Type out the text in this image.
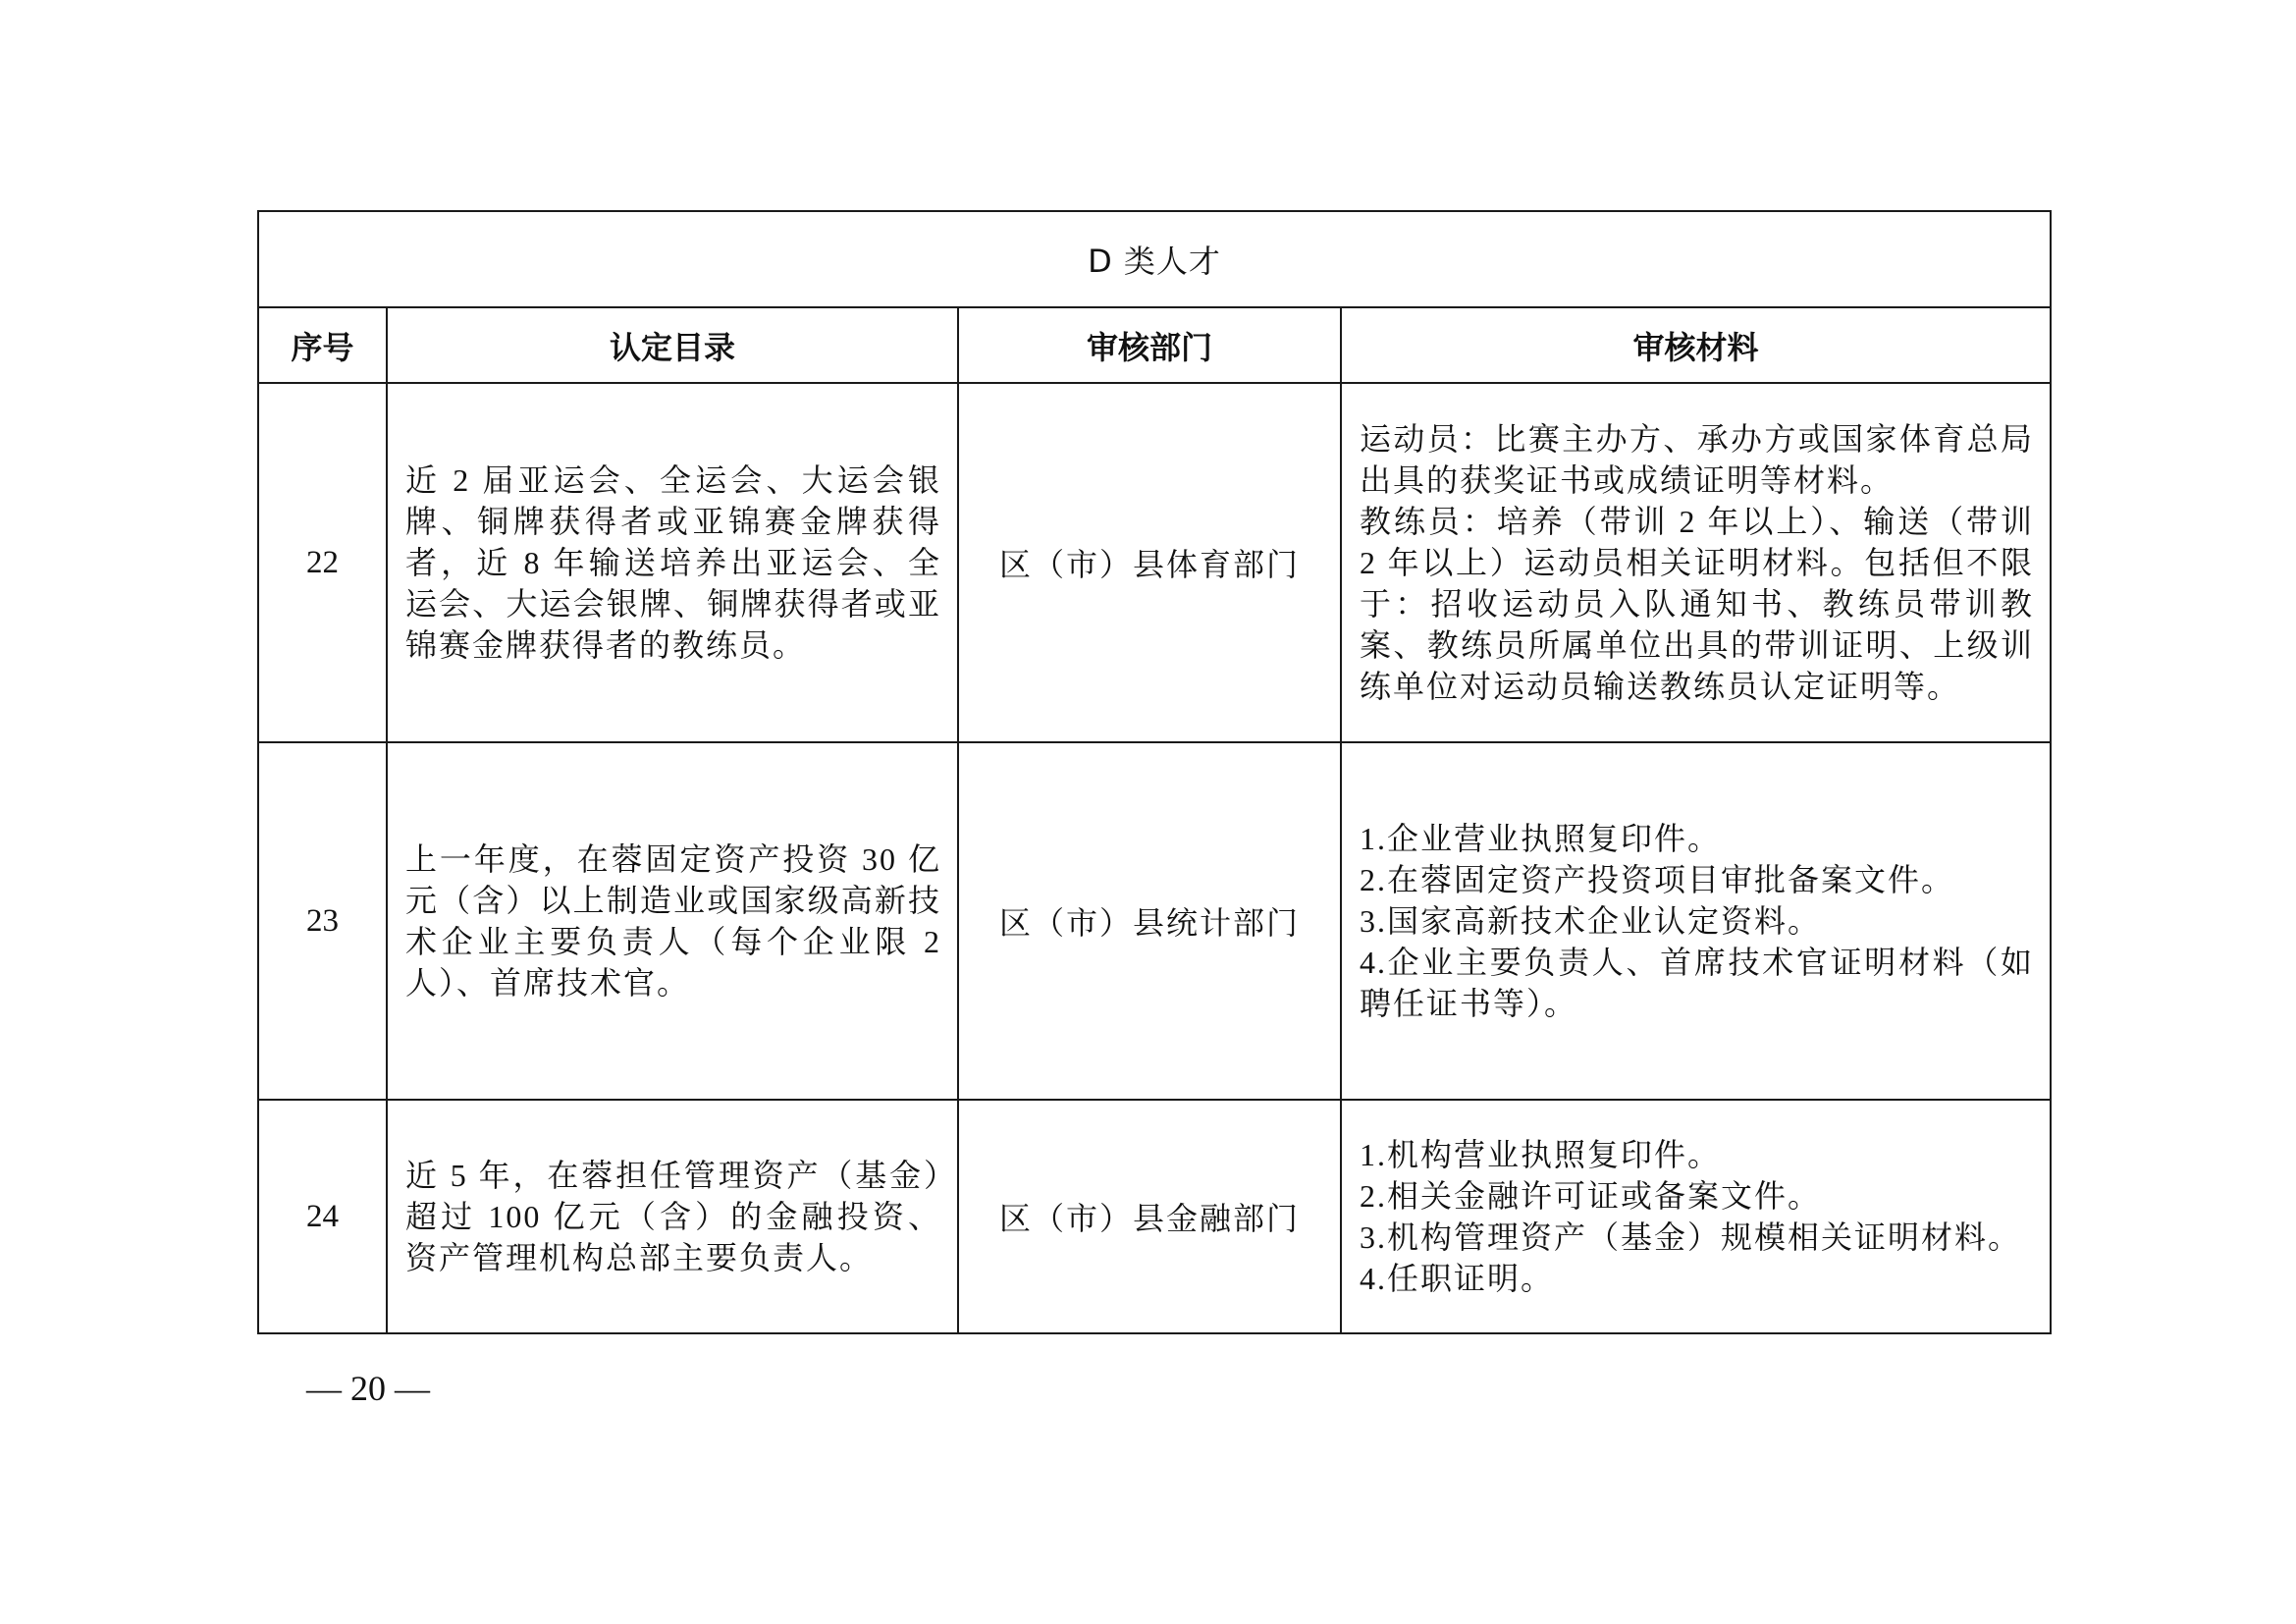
D 类人才			
序号	认定目录	审核部门	审核材料
22	近 2 届亚运会、全运会、大运会银牌、铜牌获得者或亚锦赛金牌获得者，近 8 年输送培养出亚运会、全运会、大运会银牌、铜牌获得者或亚锦赛金牌获得者的教练员。	区（市）县体育部门	运动员：比赛主办方、承办方或国家体育总局出具的获奖证书或成绩证明等材料。
教练员：培养（带训 2 年以上）、输送（带训 2 年以上）运动员相关证明材料。包括但不限于：招收运动员入队通知书、教练员带训教案、教练员所属单位出具的带训证明、上级训练单位对运动员输送教练员认定证明等。

23	上一年度，在蓉固定资产投资 30 亿元（含）以上制造业或国家级高新技术企业主要负责人（每个企业限 2 人）、首席技术官。	区（市）县统计部门	1.企业营业执照复印件。
2.在蓉固定资产投资项目审批备案文件。
3.国家高新技术企业认定资料。
4.企业主要负责人、首席技术官证明材料（如聘任证书等）。

24	近 5 年，在蓉担任管理资产（基金）超过 100 亿元（含）的金融投资、资产管理机构总部主要负责人。	区（市）县金融部门	1.机构营业执照复印件。
2.相关金融许可证或备案文件。
3.机构管理资产（基金）规模相关证明材料。
4.任职证明。
— 20 —
